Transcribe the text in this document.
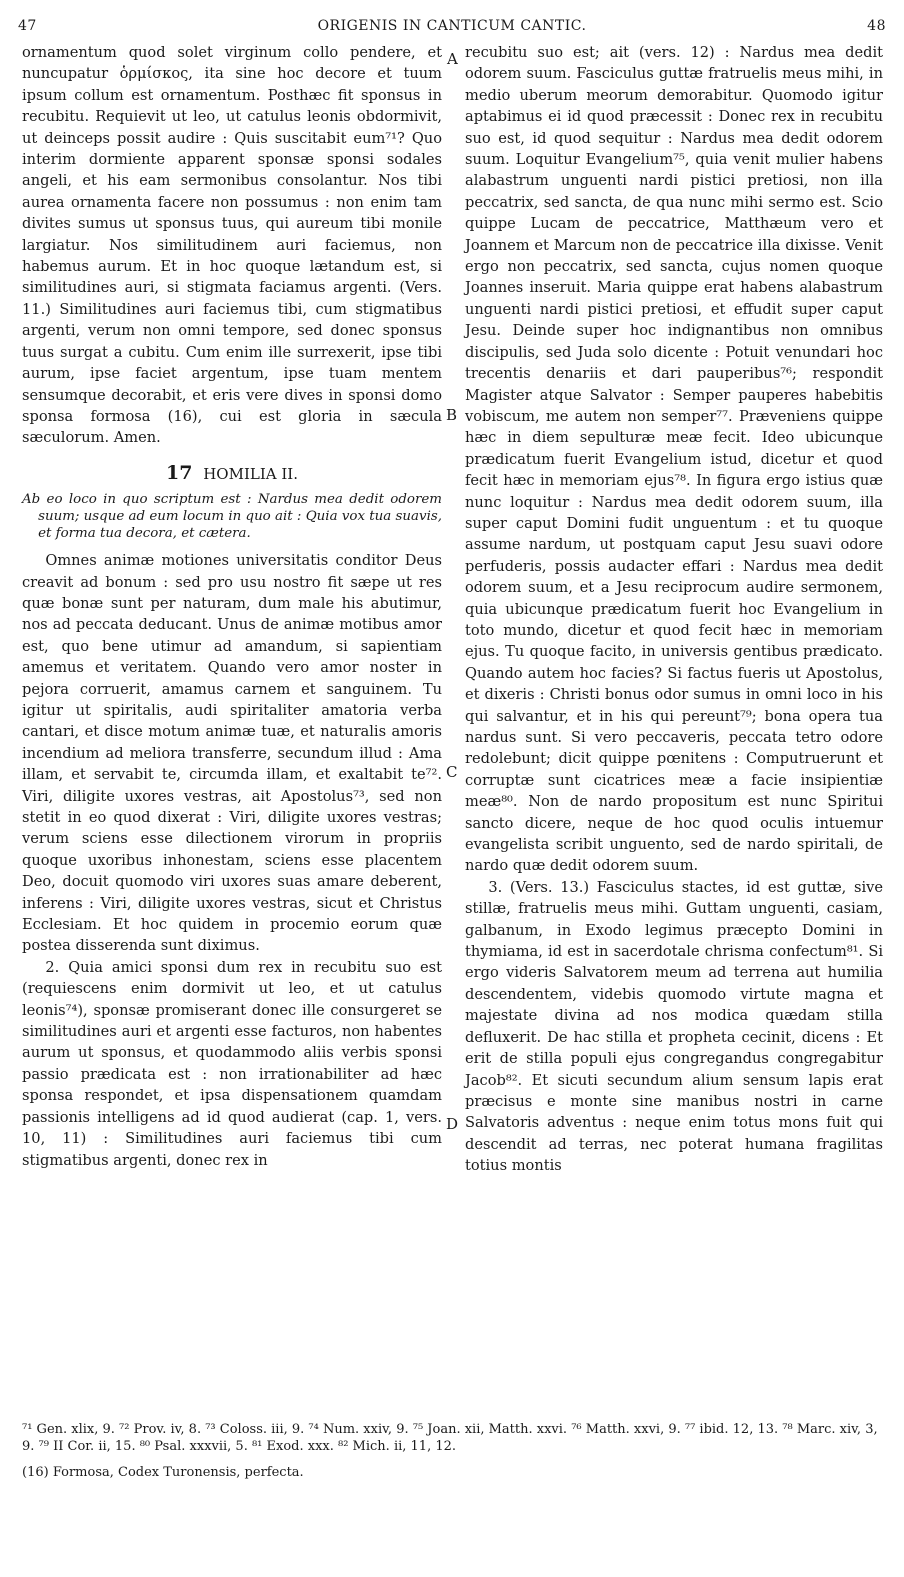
47	ORIGENIS IN CANTICUM CANTIC.	48

ornamentum quod solet virginum collo pendere, et nuncupatur ὁρμίσκος, ita sine hoc decore et tuum ipsum collum est ornamentum. Posthæc fit sponsus in recubitu. Requievit ut leo, ut catulus leonis obdormivit, ut deinceps possit audire : Quis suscitabit eum⁷¹? Quo interim dormiente apparent sponsæ sponsi sodales angeli, et his eam sermonibus consolantur. Nos tibi aurea ornamenta facere non possumus : non enim tam divites sumus ut sponsus tuus, qui aureum tibi monile largiatur. Nos similitudinem auri faciemus, non habemus aurum. Et in hoc quoque lætandum est, si similitudines auri, si stigmata faciamus argenti. (Vers. 11.) Similitudines auri faciemus tibi, cum stigmatibus argenti, verum non omni tempore, sed donec sponsus tuus surgat a cubitu. Cum enim ille surrexerit, ipse tibi aurum, ipse faciet argentum, ipse tuam mentem sensumque decorabit, et eris vere dives in sponsi domo sponsa formosa (16), cui est gloria in sæcula sæculorum. Amen.

17 HOMILIA II.

Ab eo loco in quo scriptum est : Nardus mea dedit odorem suum; usque ad eum locum in quo ait : Quia vox tua suavis, et forma tua decora, et cætera.

Omnes animæ motiones universitatis conditor Deus creavit ad bonum : sed pro usu nostro fit sæpe ut res quæ bonæ sunt per naturam, dum male his abutimur, nos ad peccata deducant. Unus de animæ motibus amor est, quo bene utimur ad amandum, si sapientiam amemus et veritatem. Quando vero amor noster in pejora corruerit, amamus carnem et sanguinem. Tu igitur ut spiritalis, audi spiritaliter amatoria verba cantari, et disce motum animæ tuæ, et naturalis amoris incendium ad meliora transferre, secundum illud : Ama illam, et servabit te, circumda illam, et exaltabit te⁷². Viri, diligite uxores vestras, ait Apostolus⁷³, sed non stetit in eo quod dixerat : Viri, diligite uxores vestras; verum sciens esse dilectionem virorum in propriis quoque uxoribus inhonestam, sciens esse placentem Deo, docuit quomodo viri uxores suas amare deberent, inferens : Viri, diligite uxores vestras, sicut et Christus Ecclesiam. Et hoc quidem in procemio eorum quæ postea disserenda sunt diximus.

2. Quia amici sponsi dum rex in recubitu suo est (requiescens enim dormivit ut leo, et ut catulus leonis⁷⁴), sponsæ promiserant donec ille consurgeret se similitudines auri et argenti esse facturos, non habentes aurum ut sponsus, et quodammodo aliis verbis sponsi passio prædicata est : non irrationabiliter ad hæc sponsa respondet, et ipsa dispensationem quamdam passionis intelligens ad id quod audierat (cap. 1, vers. 10, 11) : Similitudines auri faciemus tibi cum stigmatibus argenti, donec rex in

recubitu suo est; ait (vers. 12) : Nardus mea dedit odorem suum. Fasciculus guttæ fratruelis meus mihi, in medio uberum meorum demorabitur. Quomodo igitur aptabimus ei id quod præcessit : Donec rex in recubitu suo est, id quod sequitur : Nardus mea dedit odorem suum. Loquitur Evangelium⁷⁵, quia venit mulier habens alabastrum unguenti nardi pistici pretiosi, non illa peccatrix, sed sancta, de qua nunc mihi sermo est. Scio quippe Lucam de peccatrice, Matthæum vero et Joannem et Marcum non de peccatrice illa dixisse. Venit ergo non peccatrix, sed sancta, cujus nomen quoque Joannes inseruit. Maria quippe erat habens alabastrum unguenti nardi pistici pretiosi, et effudit super caput Jesu. Deinde super hoc indignantibus non omnibus discipulis, sed Juda solo dicente : Potuit venundari hoc trecentis denariis et dari pauperibus⁷⁶; respondit Magister atque Salvator : Semper pauperes habebitis vobiscum, me autem non semper⁷⁷. Præveniens quippe hæc in diem sepulturæ meæ fecit. Ideo ubicunque prædicatum fuerit Evangelium istud, dicetur et quod fecit hæc in memoriam ejus⁷⁸. In figura ergo istius quæ nunc loquitur : Nardus mea dedit odorem suum, illa super caput Domini fudit unguentum : et tu quoque assume nardum, ut postquam caput Jesu suavi odore perfuderis, possis audacter effari : Nardus mea dedit odorem suum, et a Jesu reciprocum audire sermonem, quia ubicunque prædicatum fuerit hoc Evangelium in toto mundo, dicetur et quod fecit hæc in memoriam ejus. Tu quoque facito, in universis gentibus prædicato. Quando autem hoc facies? Si factus fueris ut Apostolus, et dixeris : Christi bonus odor sumus in omni loco in his qui salvantur, et in his qui pereunt⁷⁹; bona opera tua nardus sunt. Si vero peccaveris, peccata tetro odore redolebunt; dicit quippe pœnitens : Computruerunt et corruptæ sunt cicatrices meæ a facie insipientiæ meæ⁸⁰. Non de nardo propositum est nunc Spiritui sancto dicere, neque de hoc quod oculis intuemur evangelista scribit unguento, sed de nardo spiritali, de nardo quæ dedit odorem suum.

3. (Vers. 13.) Fasciculus stactes, id est guttæ, sive stillæ, fratruelis meus mihi. Guttam unguenti, casiam, galbanum, in Exodo legimus præcepto Domini in thymiama, id est in sacerdotale chrisma confectum⁸¹. Si ergo videris Salvatorem meum ad terrena aut humilia descendentem, videbis quomodo virtute magna et majestate divina ad nos modica quædam stilla defluxerit. De hac stilla et propheta cecinit, dicens : Et erit de stilla populi ejus congregandus congregabitur Jacob⁸². Et sicuti secundum alium sensum lapis erat præcisus e monte sine manibus nostri in carne Salvatoris adventus : neque enim totus mons fuit qui descendit ad terras, nec poterat humana fragilitas totius montis

A
B
C
D

⁷¹ Gen. xlix, 9. ⁷² Prov. iv, 8. ⁷³ Coloss. iii, 9. ⁷⁴ Num. xxiv, 9. ⁷⁵ Joan. xii, Matth. xxvi. ⁷⁶ Matth. xxvi, 9. ⁷⁷ ibid. 12, 13. ⁷⁸ Marc. xiv, 3, 9. ⁷⁹ II Cor. ii, 15. ⁸⁰ Psal. xxxvii, 5. ⁸¹ Exod. xxx. ⁸² Mich. ii, 11, 12.

(16) Formosa, Codex Turonensis, perfecta.
